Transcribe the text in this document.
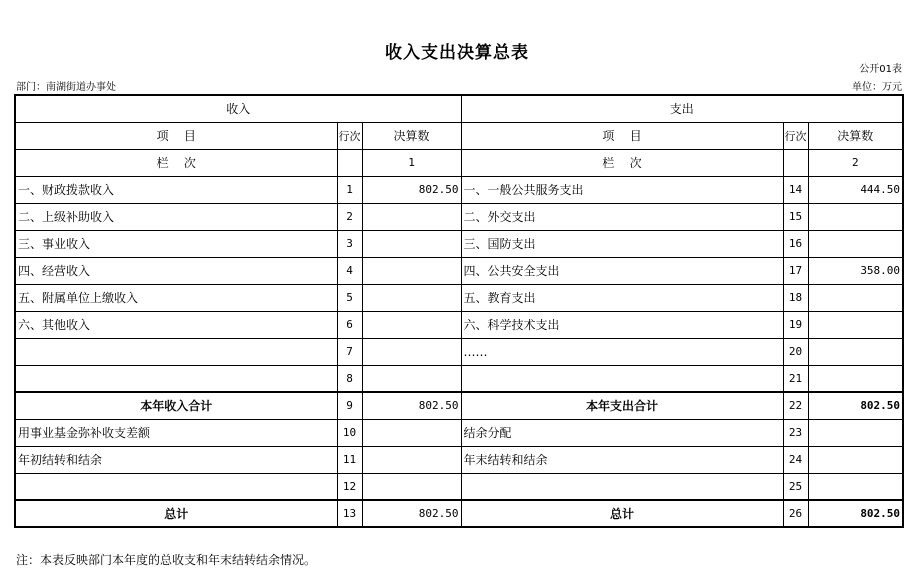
收入支出决算总表
公开01表
部门：南湖街道办事处	单位：万元
收入			支出		
项    目	行次	决算数	项    目	行次	决算数
栏    次		1	栏    次		2
一、财政拨款收入	1	802.50	一、一般公共服务支出	14	444.50
二、上级补助收入	2		二、外交支出	15	
三、事业收入	3		三、国防支出	16	
四、经营收入	4		四、公共安全支出	17	358.00
五、附属单位上缴收入	5		五、教育支出	18	
六、其他收入	6		六、科学技术支出	19	
	7		……	20	
	8			21	
本年收入合计	9	802.50	本年支出合计	22	802.50
用事业基金弥补收支差额	10		结余分配	23	
年初结转和结余	11		年末结转和结余	24	
	12			25	
总计	13	802.50	总计	26	802.50
注：本表反映部门本年度的总收支和年末结转结余情况。
